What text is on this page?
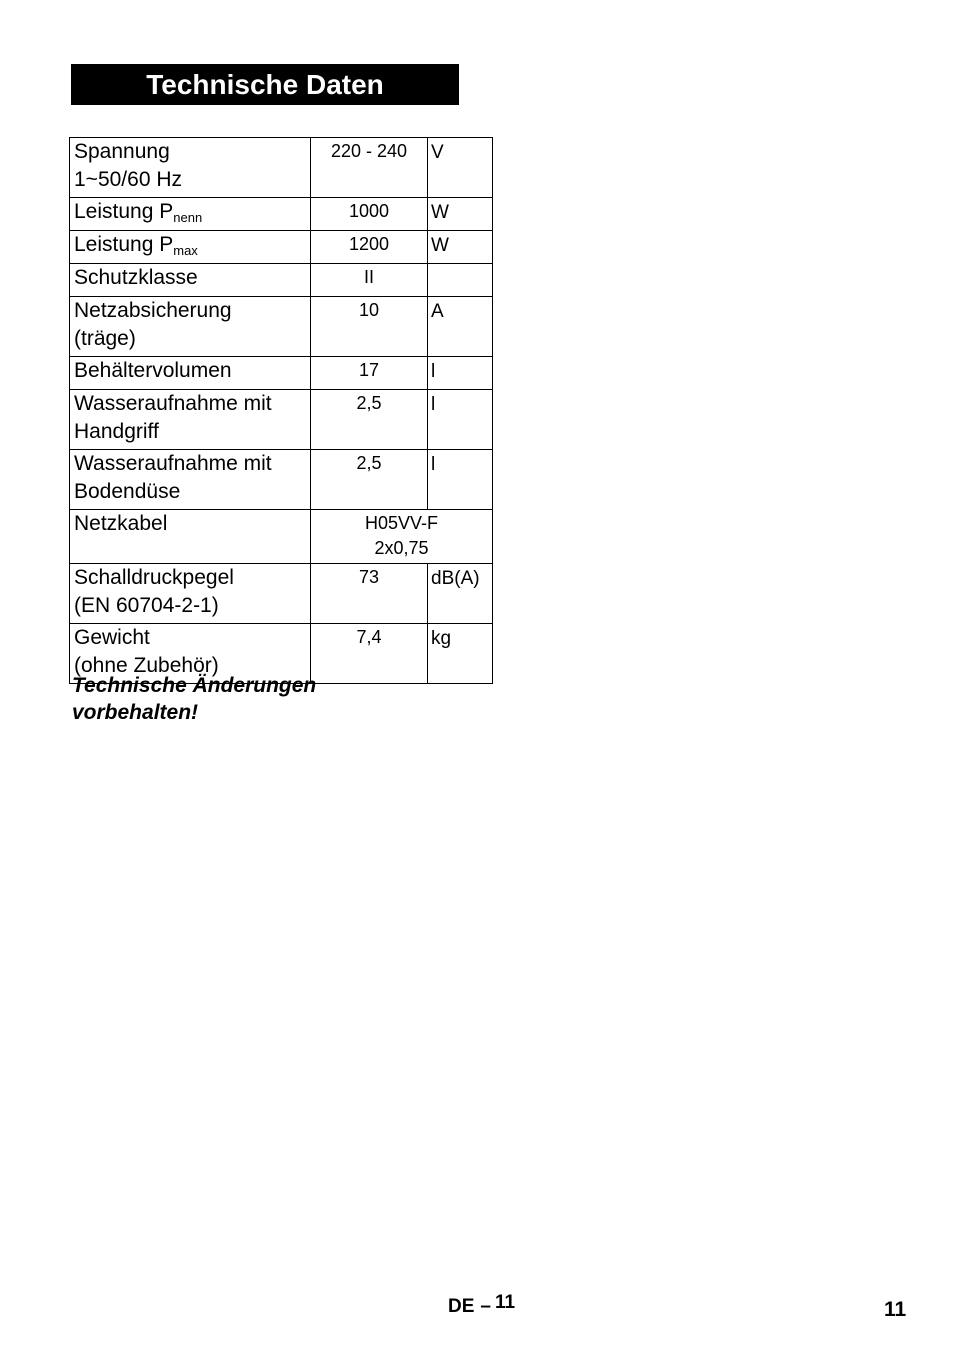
Technische Daten
Spannung
1~50/60 Hz	220 - 240	V
Leistung $P_{nenn}$	1000	W
Leistung $P_{max}$	1200	W
Schutzklasse	II	
Netzabsicherung
(träge)	10	A
Behältervolumen	17	l
Wasseraufnahme mit
Handgriff	2,5	l
Wasseraufnahme mit
Bodendüse	2,5	l
Netzkabel	H05VV-F
2x0,75	
Schalldruckpegel
(EN 60704-2-1)	73	dB(A)
Gewicht
(ohne Zubehör)	7,4	kg
Technische Änderungen
vorbehalten!
DE – 11	11
